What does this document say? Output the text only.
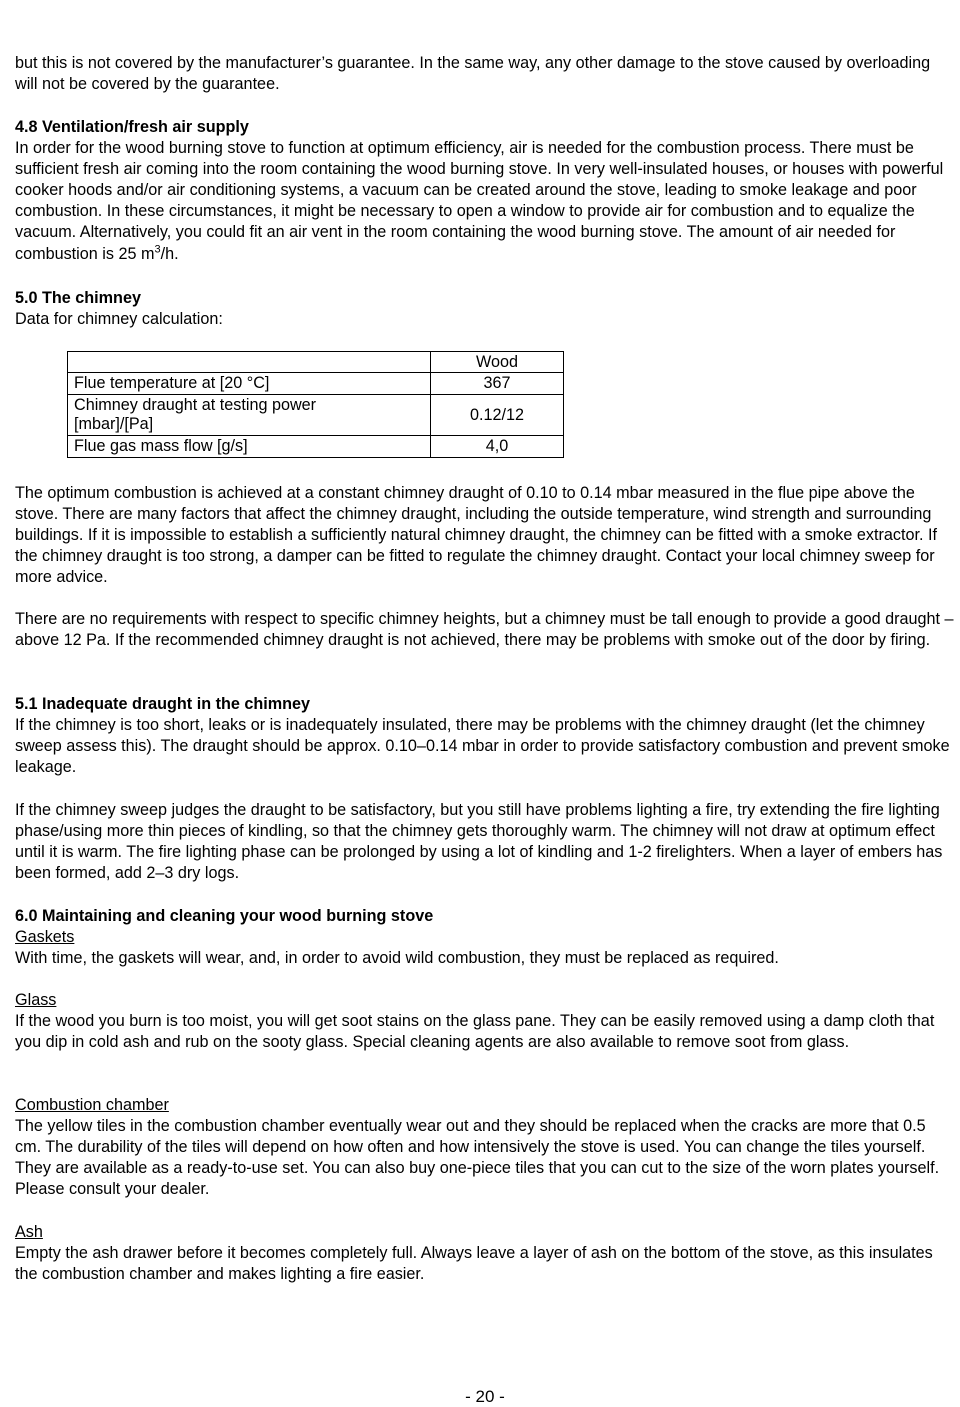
but this is not covered by the manufacturer’s guarantee. In the same way, any other damage to the stove caused by overloading will not be covered by the guarantee.

4.8 Ventilation/fresh air supply

In order for the wood burning stove to function at optimum efficiency, air is needed for the combustion process. There must be sufficient fresh air coming into the room containing the wood burning stove. In very well-insulated houses, or houses with powerful cooker hoods and/or air conditioning systems, a vacuum can be created around the stove, leading to smoke leakage and poor combustion. In these circumstances, it might be necessary to open a window to provide air for combustion and to equalize the vacuum. Alternatively, you could fit an air vent in the room containing the wood burning stove. The amount of air needed for combustion is 25 $m^3/h$.

5.0 The chimney

Data for chimney calculation:

	Wood
Flue temperature at [20 °C]	367
Chimney draught at testing power [mbar]/[Pa]	0.12/12
Flue gas mass flow [g/s]	4,0

The optimum combustion is achieved at a constant chimney draught of 0.10 to 0.14 mbar measured in the flue pipe above the stove. There are many factors that affect the chimney draught, including the outside temperature, wind strength and surrounding buildings. If it is impossible to establish a sufficiently natural chimney draught, the chimney can be fitted with a smoke extractor. If the chimney draught is too strong, a damper can be fitted to regulate the chimney draught. Contact your local chimney sweep for more advice.

There are no requirements with respect to specific chimney heights, but a chimney must be tall enough to provide a good draught – above 12 Pa. If the recommended chimney draught is not achieved, there may be problems with smoke out of the door by firing.

5.1 Inadequate draught in the chimney

If the chimney is too short, leaks or is inadequately insulated, there may be problems with the chimney draught (let the chimney sweep assess this). The draught should be approx. 0.10–0.14 mbar in order to provide satisfactory combustion and prevent smoke leakage.

If the chimney sweep judges the draught to be satisfactory, but you still have problems lighting a fire, try extending the fire lighting phase/using more thin pieces of kindling, so that the chimney gets thoroughly warm. The chimney will not draw at optimum effect until it is warm. The fire lighting phase can be prolonged by using a lot of kindling and 1-2 firelighters. When a layer of embers has been formed, add 2–3 dry logs.

6.0 Maintaining and cleaning your wood burning stove

Gaskets

With time, the gaskets will wear, and, in order to avoid wild combustion, they must be replaced as required.

Glass

If the wood you burn is too moist, you will get soot stains on the glass pane. They can be easily removed using a damp cloth that you dip in cold ash and rub on the sooty glass. Special cleaning agents are also available to remove soot from glass.

Combustion chamber

The yellow tiles in the combustion chamber eventually wear out and they should be replaced when the cracks are more that 0.5 cm. The durability of the tiles will depend on how often and how intensively the stove is used. You can change the tiles yourself. They are available as a ready-to-use set. You can also buy one-piece tiles that you can cut to the size of the worn plates yourself. Please consult your dealer.

Ash

Empty the ash drawer before it becomes completely full. Always leave a layer of ash on the bottom of the stove, as this insulates the combustion chamber and makes lighting a fire easier.

- 20 -
